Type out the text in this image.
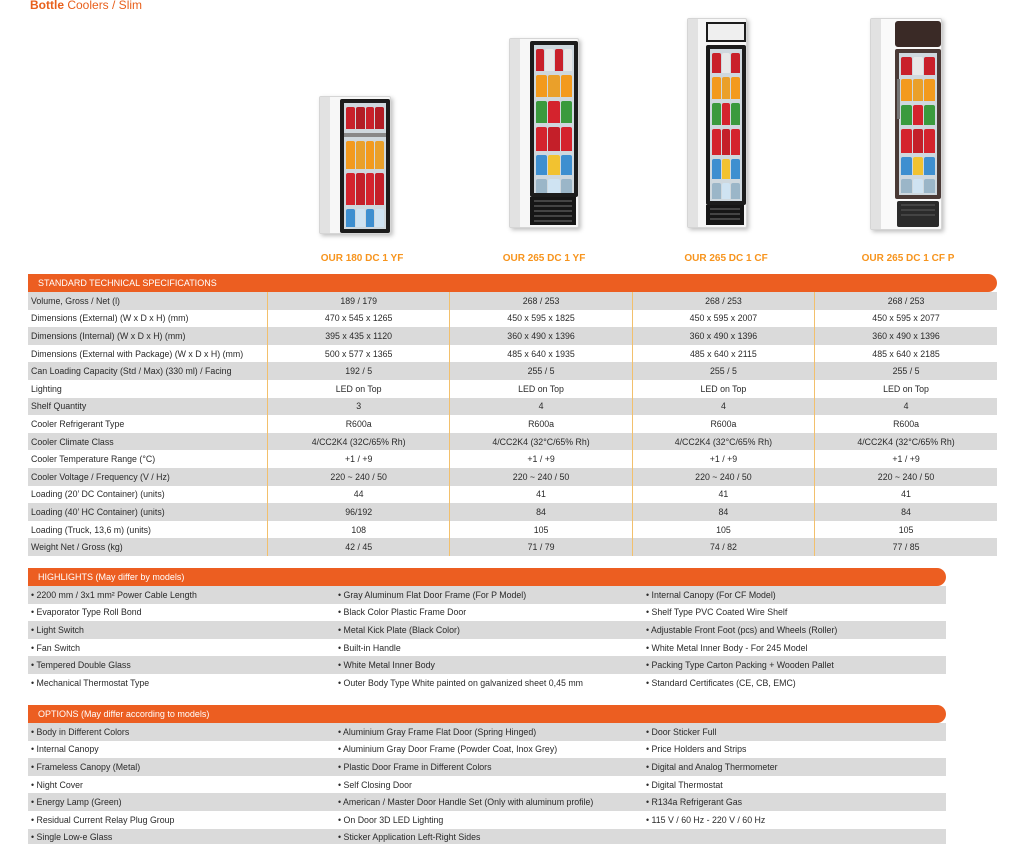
Bottle Coolers / Slim
OUR 180 DC 1 YF	OUR 265 DC 1 YF	OUR 265 DC 1 CF	OUR 265 DC 1 CF P
STANDARD TECHNICAL SPECIFICATIONS
Volume, Gross / Net (l)	189 / 179	268 / 253	268 / 253	268 / 253
Dimensions (External) (W x D x H) (mm)	470 x 545 x 1265	450 x 595 x 1825	450 x 595 x 2007	450 x 595 x 2077
Dimensions (Internal) (W x D x H) (mm)	395 x 435 x 1120	360 x 490 x 1396	360 x 490 x 1396	360 x 490 x 1396
Dimensions (External with Package) (W x D x H) (mm)	500 x 577 x 1365	485 x 640 x 1935	485 x 640 x 2115	485 x 640 x 2185
Can Loading Capacity (Std / Max) (330 ml) / Facing	192 / 5	255 / 5	255 / 5	255 / 5
Lighting	LED on Top	LED on Top	LED on Top	LED on Top
Shelf Quantity	3	4	4	4
Cooler Refrigerant Type	R600a	R600a	R600a	R600a
Cooler Climate Class	4/CC2K4 (32C/65% Rh)	4/CC2K4 (32°C/65% Rh)	4/CC2K4 (32°C/65% Rh)	4/CC2K4 (32°C/65% Rh)
Cooler Temperature Range (°C)	+1 / +9	+1 / +9	+1 / +9	+1 / +9
Cooler Voltage / Frequency (V / Hz)	220 ~ 240 / 50	220 ~ 240 / 50	220 ~ 240 / 50	220 ~ 240 / 50
Loading (20’ DC Container) (units)	44	41	41	41
Loading (40’ HC Container) (units)	96/192	84	84	84
Loading (Truck, 13,6 m) (units)	108	105	105	105
Weight Net / Gross (kg)	42 / 45	71 / 79	74 / 82	77 / 85
HIGHLIGHTS (May differ by models)
• 2200 mm / 3x1 mm² Power Cable Length	• Gray Aluminum Flat Door Frame (For P Model)	• Internal Canopy (For CF Model)
• Evaporator Type Roll Bond	• Black Color Plastic Frame Door	• Shelf Type PVC Coated Wire Shelf
• Light Switch	• Metal Kick Plate (Black Color)	• Adjustable Front Foot (pcs) and Wheels (Roller)
• Fan Switch	• Built-in Handle	• White Metal Inner Body - For 245 Model
• Tempered Double Glass	• White Metal Inner Body	• Packing Type Carton Packing + Wooden Pallet
• Mechanical Thermostat Type	• Outer Body Type White painted on galvanized sheet 0,45 mm	• Standard Certificates (CE, CB, EMC)
OPTIONS (May differ according to models)
• Body in Different Colors	• Aluminium Gray Frame Flat Door (Spring Hinged)	• Door Sticker Full
• Internal Canopy	• Aluminium Gray Door Frame (Powder Coat, Inox Grey)	• Price Holders and Strips
• Frameless Canopy (Metal)	• Plastic Door Frame in Different Colors	• Digital and Analog Thermometer
• Night Cover	• Self Closing Door	• Digital Thermostat
• Energy Lamp (Green)	• American / Master Door Handle Set (Only with aluminum profile)	• R134a Refrigerant Gas
• Residual Current Relay Plug Group	• On Door 3D LED Lighting	• 115 V / 60 Hz - 220 V / 60 Hz
• Single Low-e Glass	• Sticker Application Left-Right Sides
